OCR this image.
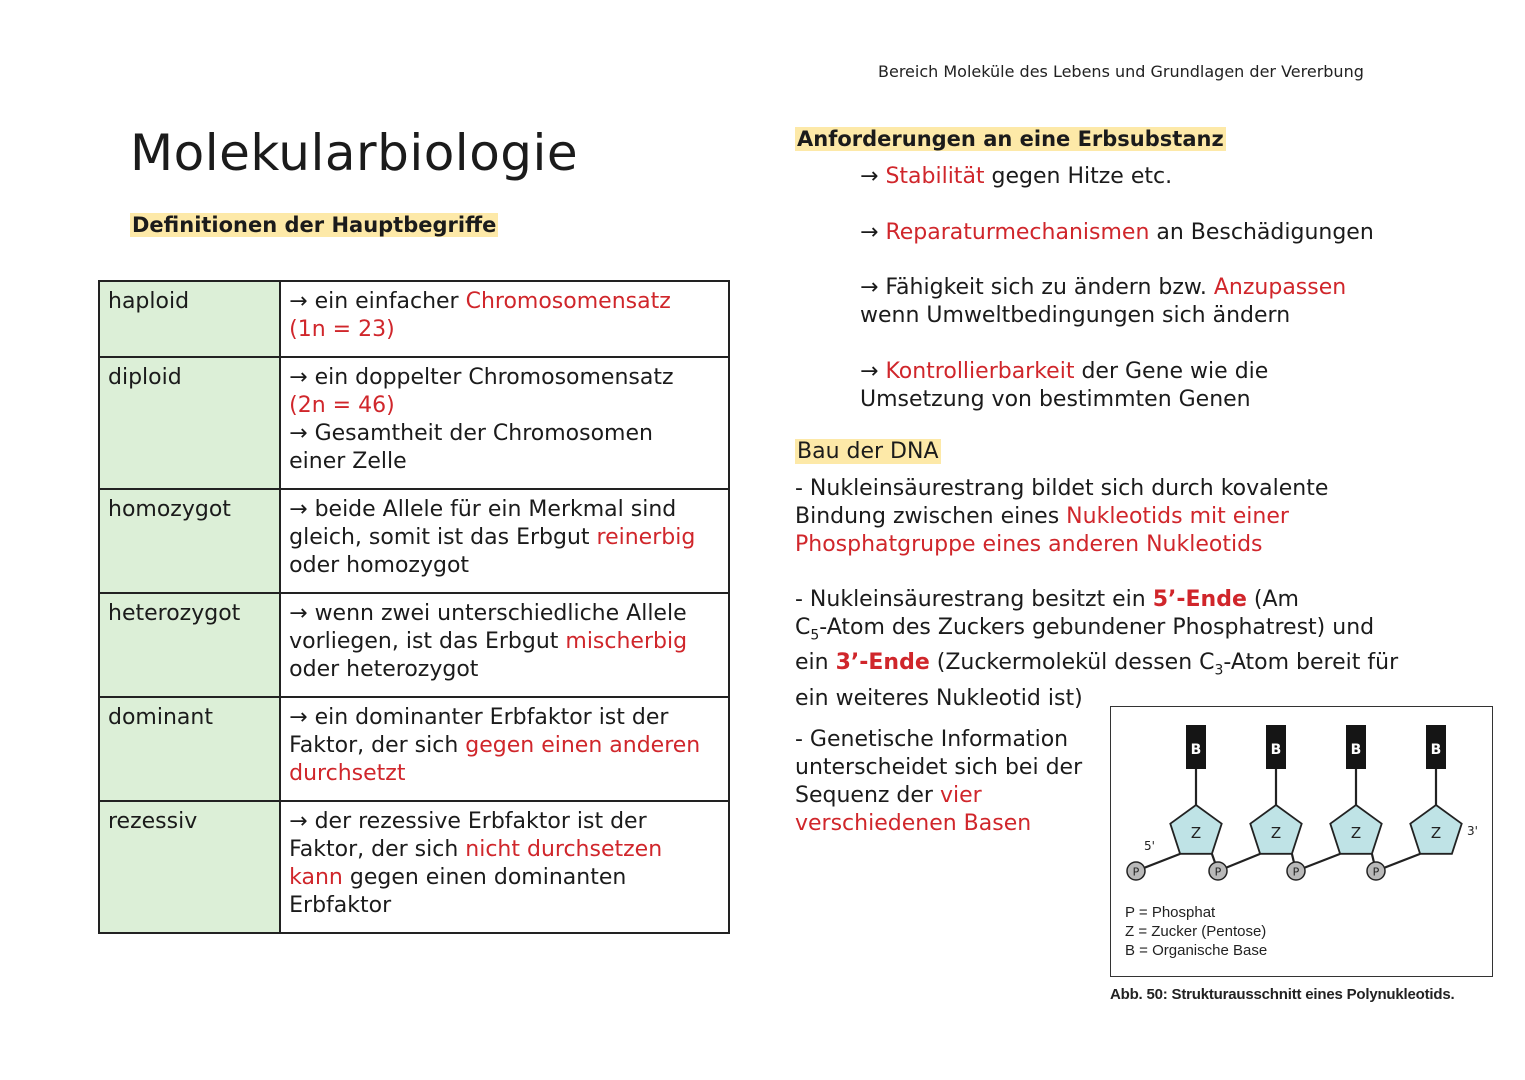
Bereich Moleküle des Lebens und Grundlagen der Vererbung
Molekularbiologie
Definitionen der Hauptbegriffe
haploid	→ ein einfacher Chromosomensatz
(1n = 23)
diploid	→ ein doppelter Chromosomensatz
(2n = 46)
→ Gesamtheit der Chromosomen
einer Zelle
homozygot	→ beide Allele für ein Merkmal sind
gleich, somit ist das Erbgut reinerbig
oder homozygot
heterozygot	→ wenn zwei unterschiedliche Allele
vorliegen, ist das Erbgut mischerbig
oder heterozygot
dominant	→ ein dominanter Erbfaktor ist der
Faktor, der sich gegen einen anderen
durchsetzt
rezessiv	→ der rezessive Erbfaktor ist der
Faktor, der sich nicht durchsetzen
kann gegen einen dominanten
Erbfaktor
Anforderungen an eine Erbsubstanz
→ Stabilität gegen Hitze etc.
→ Reparaturmechanismen an Beschädigungen
→ Fähigkeit sich zu ändern bzw. Anzupassen
wenn Umweltbedingungen sich ändern
→ Kontrollierbarkeit der Gene wie die
Umsetzung von bestimmten Genen
Bau der DNA
- Nukleinsäurestrang bildet sich durch kovalente
Bindung zwischen eines Nukleotids mit einer
Phosphatgruppe eines anderen Nukleotids
- Nukleinsäurestrang besitzt ein 5’-Ende (Am
$C_5$-Atom des Zuckers gebundener Phosphatrest) und
ein 3’-Ende (Zuckermolekül dessen $C_3$-Atom bereit für
ein weiteres Nukleotid ist)
- Genetische Information
unterscheidet sich bei der
Sequenz der vier
verschiedenen Basen	Z
B
Z
B
Z
B
Z
B
P	P	P	P
5'
3'
P = Phosphat
Z = Zucker (Pentose)
B = Organische Base
Abb. 50: Strukturausschnitt eines Polynukleotids.
